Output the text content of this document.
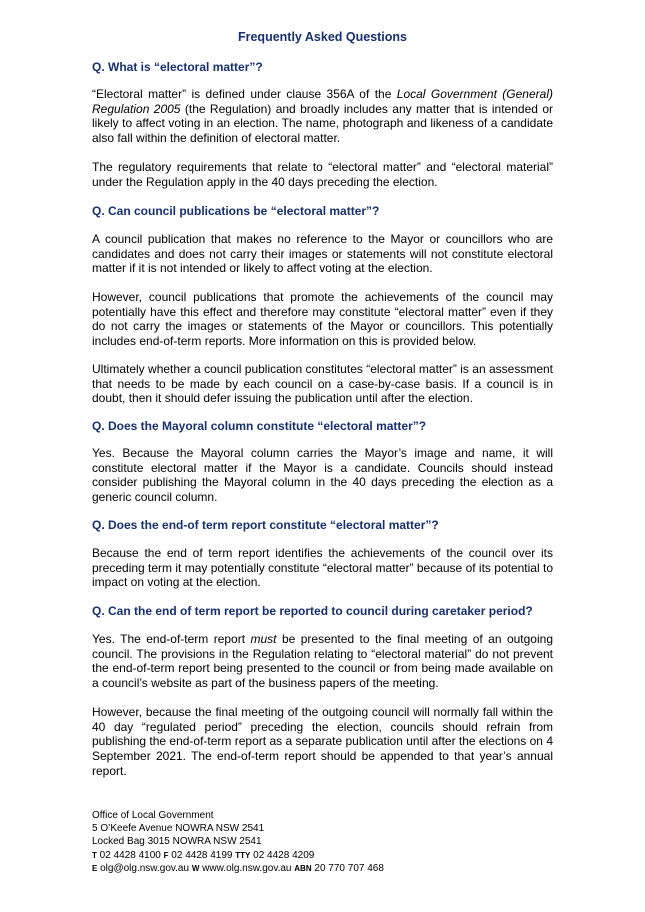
Frequently Asked Questions
Q. What is “electoral matter”?
“Electoral matter” is defined under clause 356A of the Local Government (General) Regulation 2005 (the Regulation) and broadly includes any matter that is intended or likely to affect voting in an election. The name, photograph and likeness of a candidate also fall within the definition of electoral matter.
The regulatory requirements that relate to “electoral matter” and “electoral material” under the Regulation apply in the 40 days preceding the election.
Q. Can council publications be “electoral matter”?
A council publication that makes no reference to the Mayor or councillors who are candidates and does not carry their images or statements will not constitute electoral matter if it is not intended or likely to affect voting at the election.
However, council publications that promote the achievements of the council may potentially have this effect and therefore may constitute “electoral matter” even if they do not carry the images or statements of the Mayor or councillors. This potentially includes end-of-term reports. More information on this is provided below.
Ultimately whether a council publication constitutes “electoral matter” is an assessment that needs to be made by each council on a case-by-case basis. If a council is in doubt, then it should defer issuing the publication until after the election.
Q. Does the Mayoral column constitute “electoral matter”?
Yes. Because the Mayoral column carries the Mayor’s image and name, it will constitute electoral matter if the Mayor is a candidate. Councils should instead consider publishing the Mayoral column in the 40 days preceding the election as a generic council column.
Q. Does the end-of term report constitute “electoral matter”?
Because the end of term report identifies the achievements of the council over its preceding term it may potentially constitute “electoral matter” because of its potential to impact on voting at the election.
Q. Can the end of term report be reported to council during caretaker period?
Yes. The end-of-term report must be presented to the final meeting of an outgoing council. The provisions in the Regulation relating to “electoral material” do not prevent the end-of-term report being presented to the council or from being made available on a council’s website as part of the business papers of the meeting.
However, because the final meeting of the outgoing council will normally fall within the 40 day “regulated period” preceding the election, councils should refrain from publishing the end-of-term report as a separate publication until after the elections on 4 September 2021. The end-of-term report should be appended to that year’s annual report.
Office of Local Government
5 O’Keefe Avenue NOWRA NSW 2541
Locked Bag 3015 NOWRA NSW 2541
T 02 4428 4100 F 02 4428 4199 TTY 02 4428 4209
E olg@olg.nsw.gov.au W www.olg.nsw.gov.au ABN 20 770 707 468
